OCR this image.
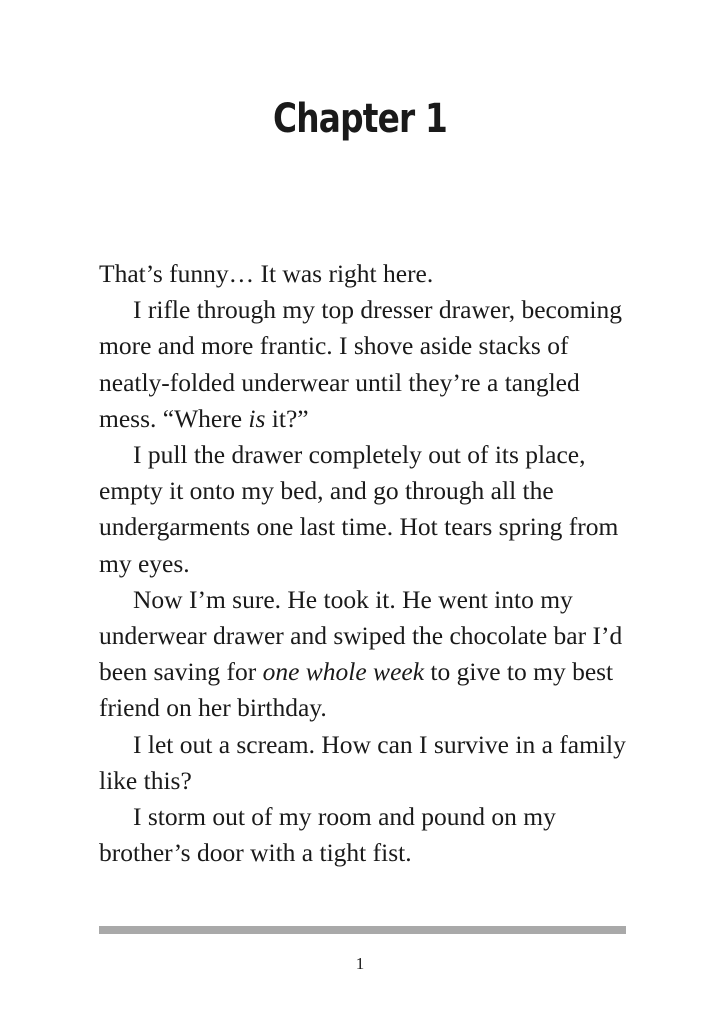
Chapter 1

That’s funny… It was right here.

I rifle through my top dresser drawer, becoming more and more frantic. I shove aside stacks of neatly-folded underwear until they’re a tangled mess. “Where is it?”

I pull the drawer completely out of its place, empty it onto my bed, and go through all the undergarments one last time. Hot tears spring from my eyes.

Now I’m sure. He took it. He went into my underwear drawer and swiped the chocolate bar I’d been saving for one whole week to give to my best friend on her birthday.

I let out a scream. How can I survive in a family like this?

I storm out of my room and pound on my brother’s door with a tight fist.

1
